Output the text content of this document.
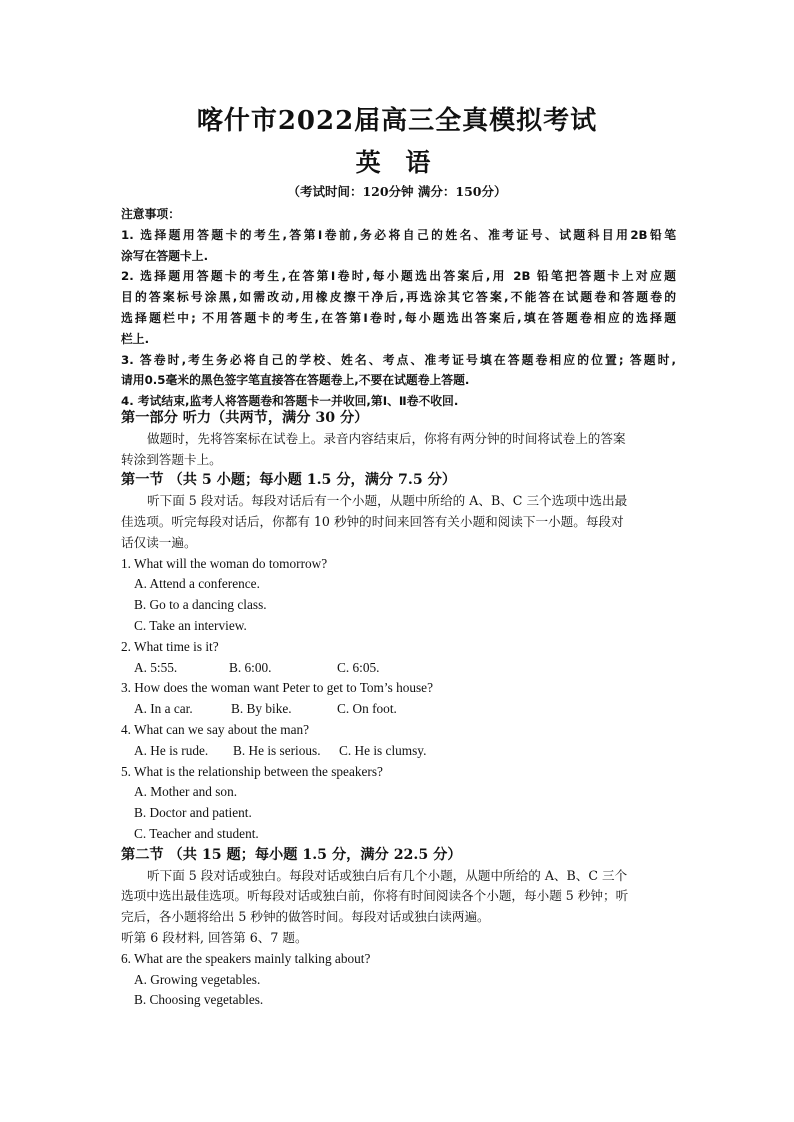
喀什市2022届高三全真模拟考试
英 语
（考试时间：120分钟 满分：150分）
注意事项：
1. 选择题用答题卡的考生,答第Ⅰ卷前,务必将自己的姓名、准考证号、试题科目用2B铅笔
涂写在答题卡上.
2. 选择题用答题卡的考生,在答第Ⅰ卷时,每小题选出答案后,用 2B 铅笔把答题卡上对应题
目的答案标号涂黑,如需改动,用橡皮擦干净后,再选涂其它答案,不能答在试题卷和答题卷的
选择题栏中; 不用答题卡的考生,在答第Ⅰ卷时,每小题选出答案后,填在答题卷相应的选择题
栏上.
3. 答卷时,考生务必将自己的学校、姓名、考点、准考证号填在答题卷相应的位置; 答题时,
请用0.5毫米的黑色签字笔直接答在答题卷上,不要在试题卷上答题.
4. 考试结束,监考人将答题卷和答题卡一并收回,第Ⅰ、Ⅱ卷不收回.
第一部分 听力（共两节，满分 30 分）
做题时，先将答案标在试卷上。录音内容结束后，你将有两分钟的时间将试卷上的答案
转涂到答题卡上。
第一节 （共 5 小题；每小题 1.5 分，满分 7.5 分）
听下面 5 段对话。每段对话后有一个小题，从题中所给的 A、B、C 三个选项中选出最
佳选项。听完每段对话后，你都有 10 秒钟的时间来回答有关小题和阅读下一小题。每段对
话仅读一遍。
1. What will the woman do tomorrow?
A. Attend a conference.
B. Go to a dancing class.
C. Take an interview.
2. What time is it?
A. 5:55.	B. 6:00.	C. 6:05.
3. How does the woman want Peter to get to Tom’s house?
A. In a car.	B. By bike.	C. On foot.
4. What can we say about the man?
A. He is rude. B. He is serious. C. He is clumsy.
5. What is the relationship between the speakers?
A. Mother and son.
B. Doctor and patient.
C. Teacher and student.
第二节 （共 15 题；每小题 1.5 分，满分 22.5 分）
听下面 5 段对话或独白。每段对话或独白后有几个小题，从题中所给的 A、B、C 三个
选项中选出最佳选项。听每段对话或独白前，你将有时间阅读各个小题，每小题 5 秒钟；听
完后，各小题将给出 5 秒钟的做答时间。每段对话或独白读两遍。
听第 6 段材料, 回答第 6、7 题。
6. What are the speakers mainly talking about?
A. Growing vegetables.
B. Choosing vegetables.
